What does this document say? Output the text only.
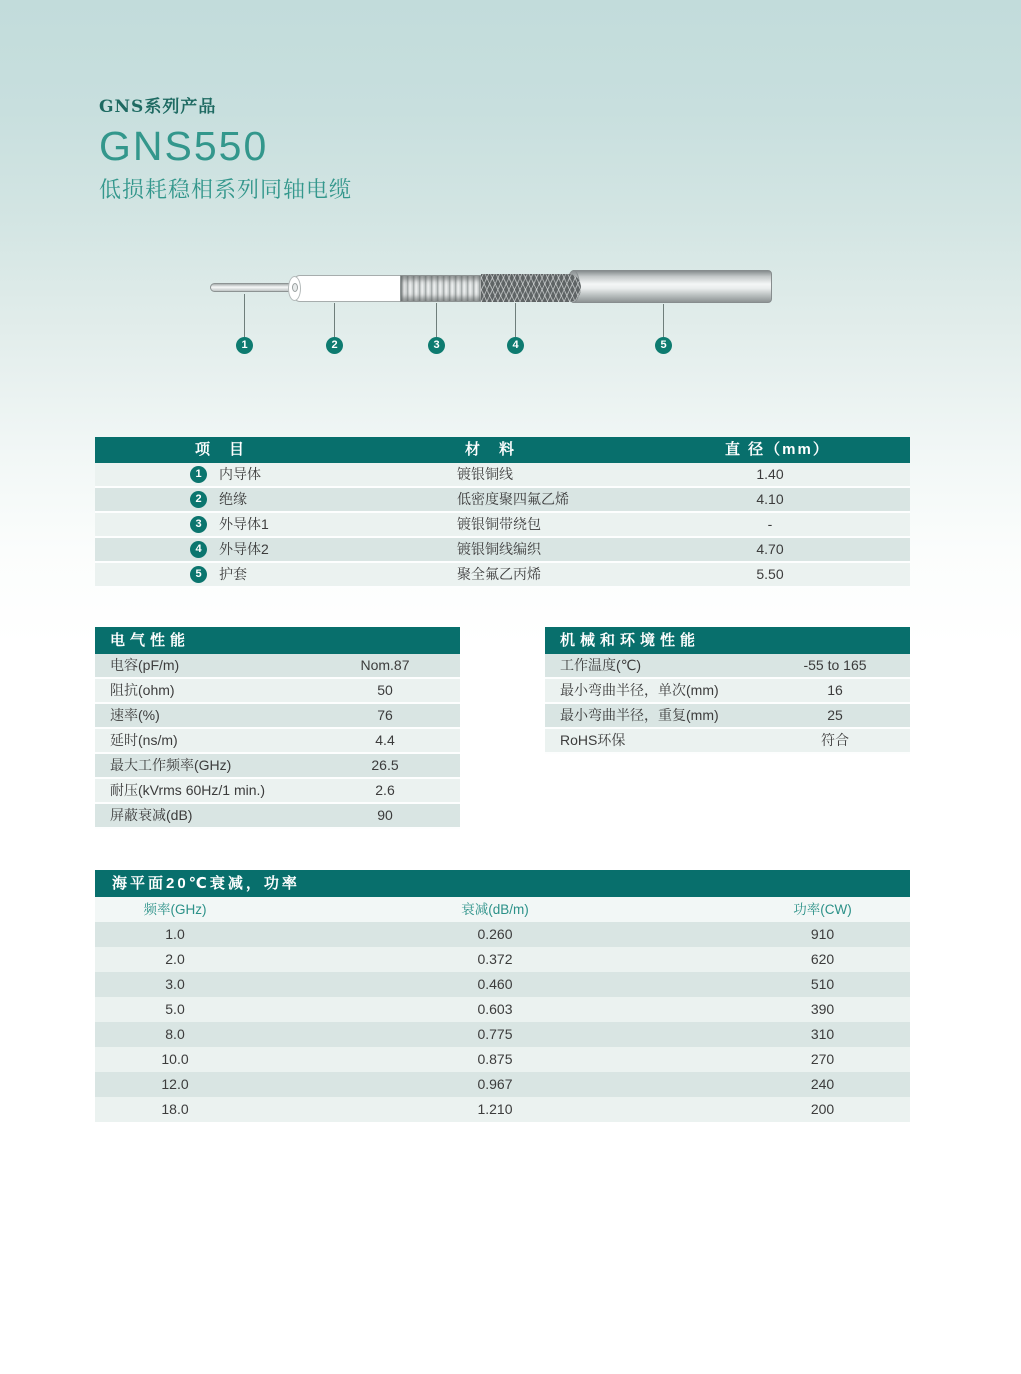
GNS系列产品
GNS550
低损耗稳相系列同轴电缆
1	2	3	4	5
项　目	材　料	直 径（mm）
1	内导体	镀银铜线	1.40
2	绝缘	低密度聚四氟乙烯	4.10
3	外导体1	镀银铜带绕包	-
4	外导体2	镀银铜线编织	4.70
5	护套	聚全氟乙丙烯	5.50
电气性能
电容(pF/m)	Nom.87
阻抗(ohm)	50
速率(%)	76
延时(ns/m)	4.4
最大工作频率(GHz)	26.5
耐压(kVrms 60Hz/1 min.)	2.6
屏蔽衰减(dB)	90
机械和环境性能
工作温度(℃)	-55 to 165
最小弯曲半径，单次(mm)	16
最小弯曲半径，重复(mm)	25
RoHS环保	符合
海平面20℃衰减，功率
频率(GHz)	衰减(dB/m)	功率(CW)
1.0	0.260	910
2.0	0.372	620
3.0	0.460	510
5.0	0.603	390
8.0	0.775	310
10.0	0.875	270
12.0	0.967	240
18.0	1.210	200
